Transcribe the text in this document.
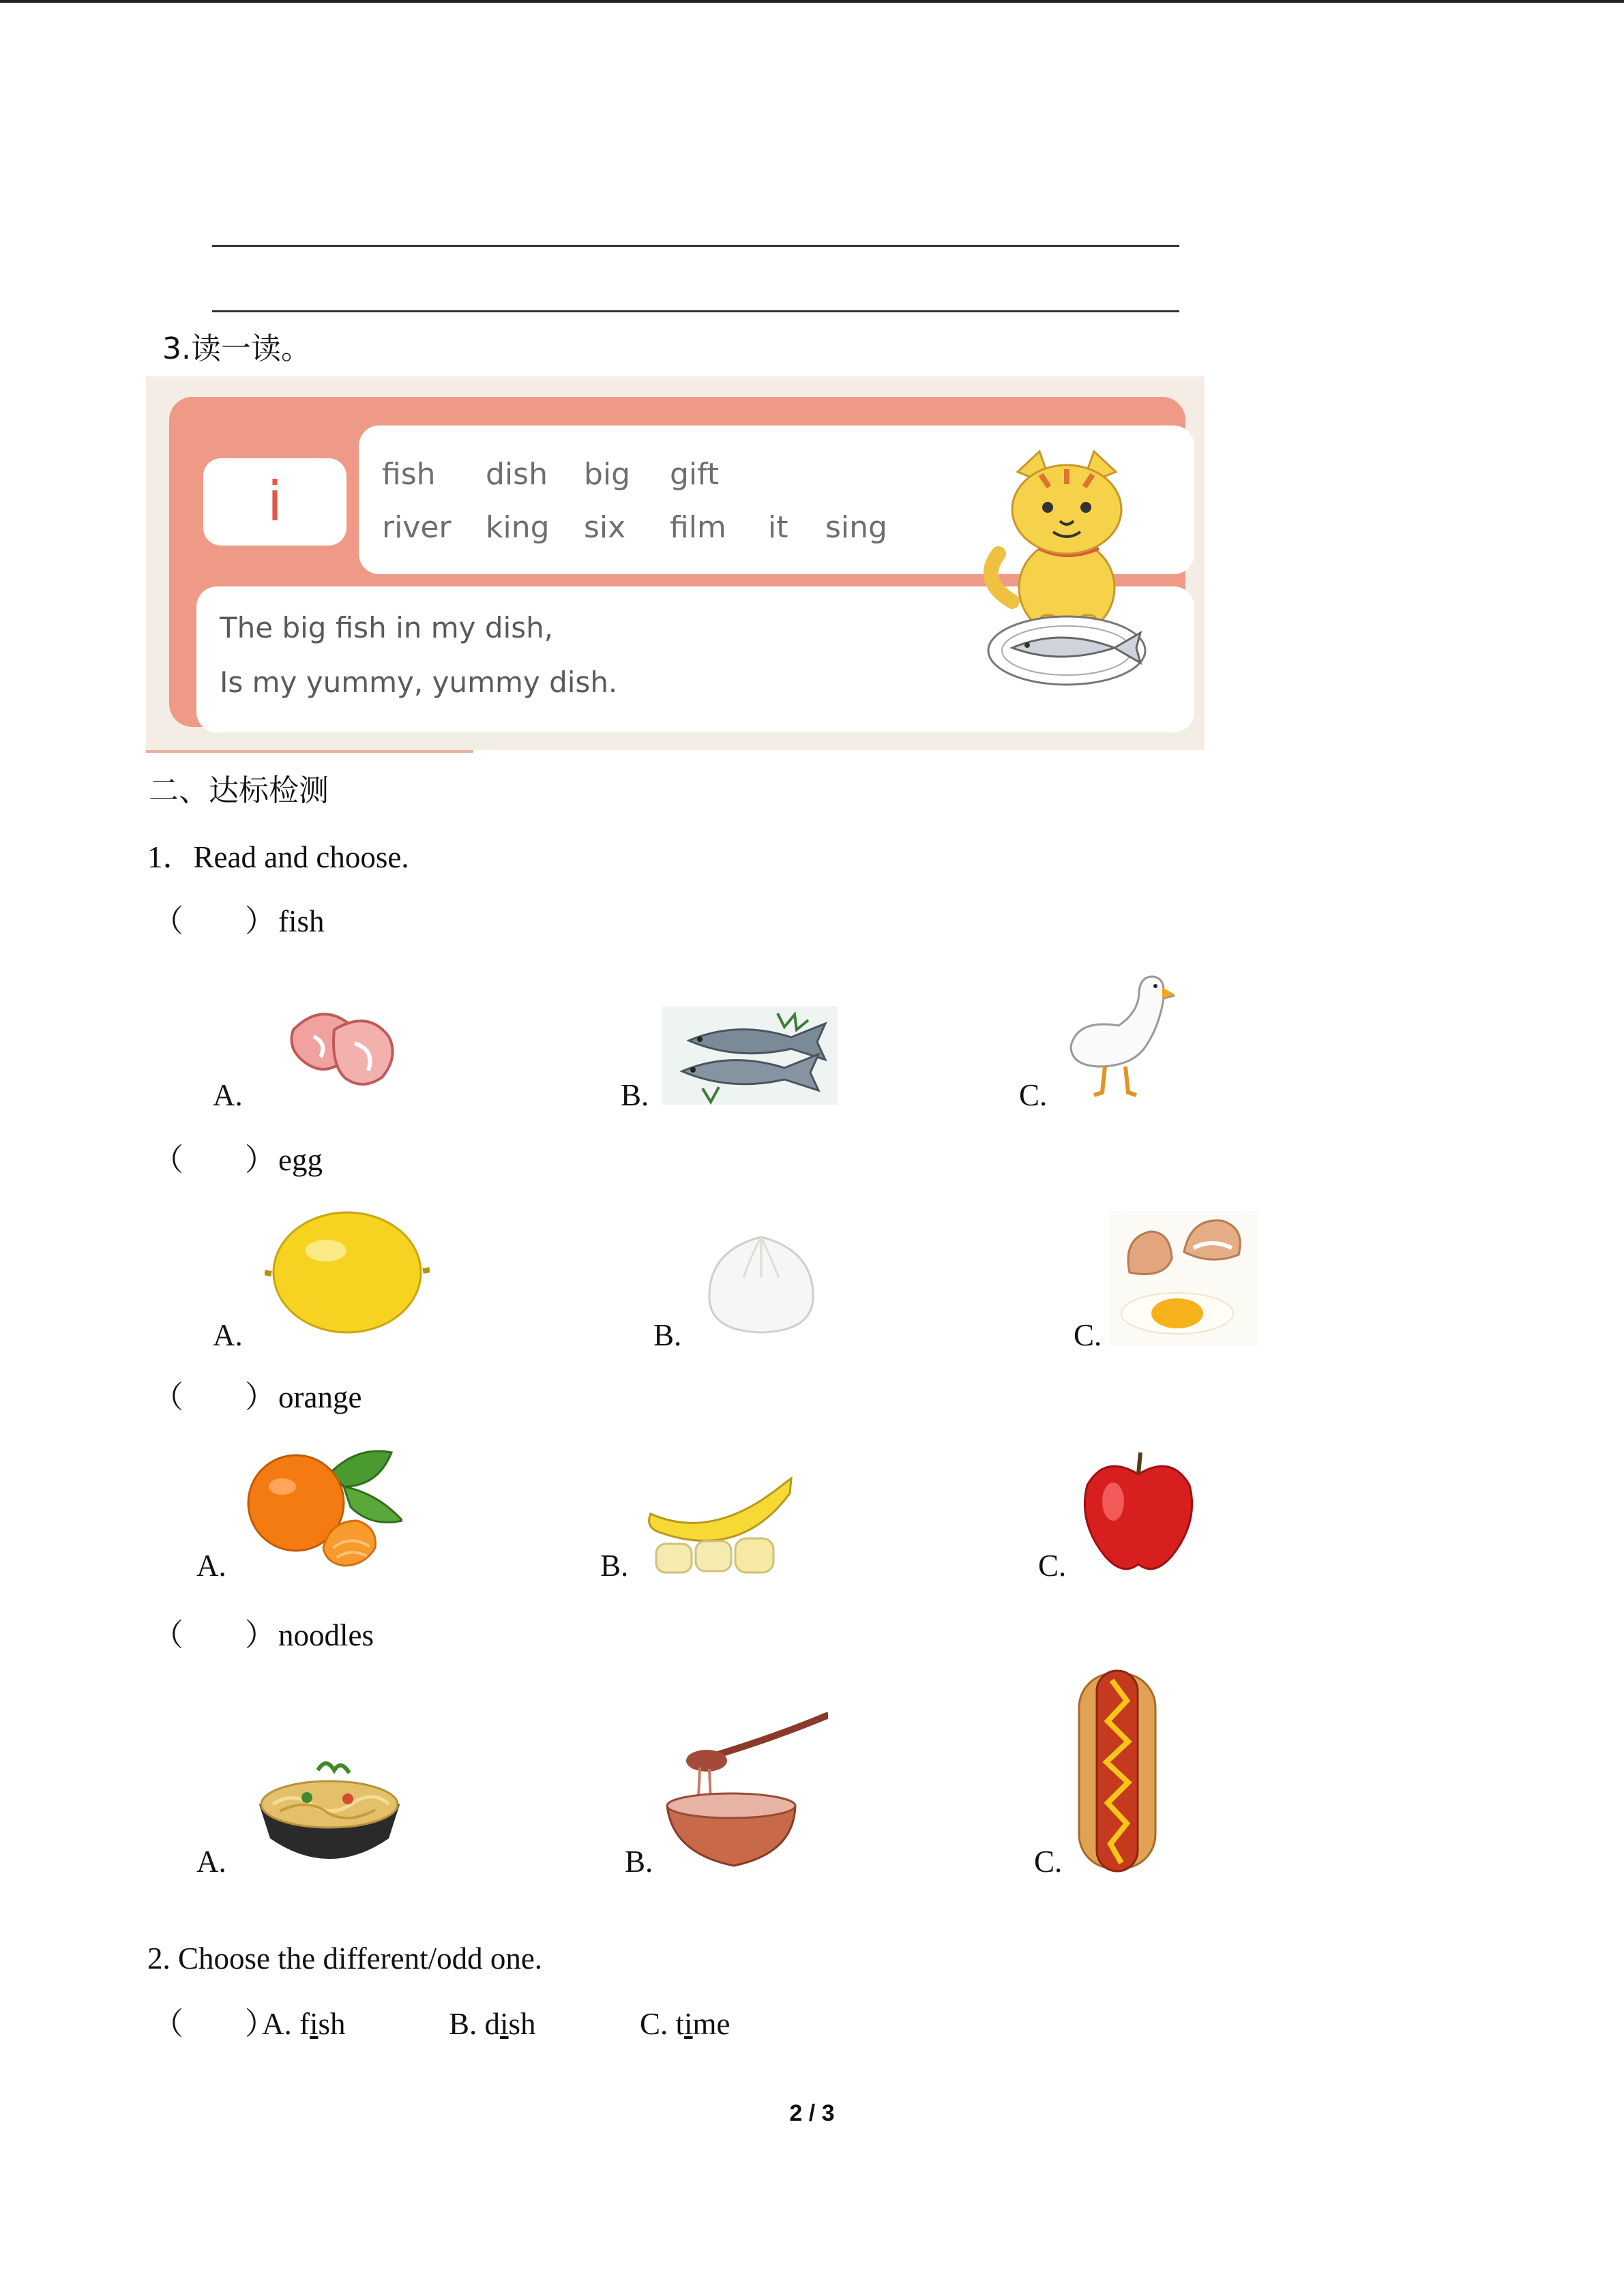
3.读一读。
i	fish dish big gift
river king six film it sing
The big fish in my dish,
Is my yummy, yummy dish.
二、达标检测
1．Read and choose.
（　　） fish
A.	B.	C.
（　　） egg
A.	B.	C.
（　　） orange
A.	B.	C.
（　　） noodles
A.	B.	C.
2. Choose the different/odd one.
（　　）
A. fish	B. dish	C. time
2 / 3
